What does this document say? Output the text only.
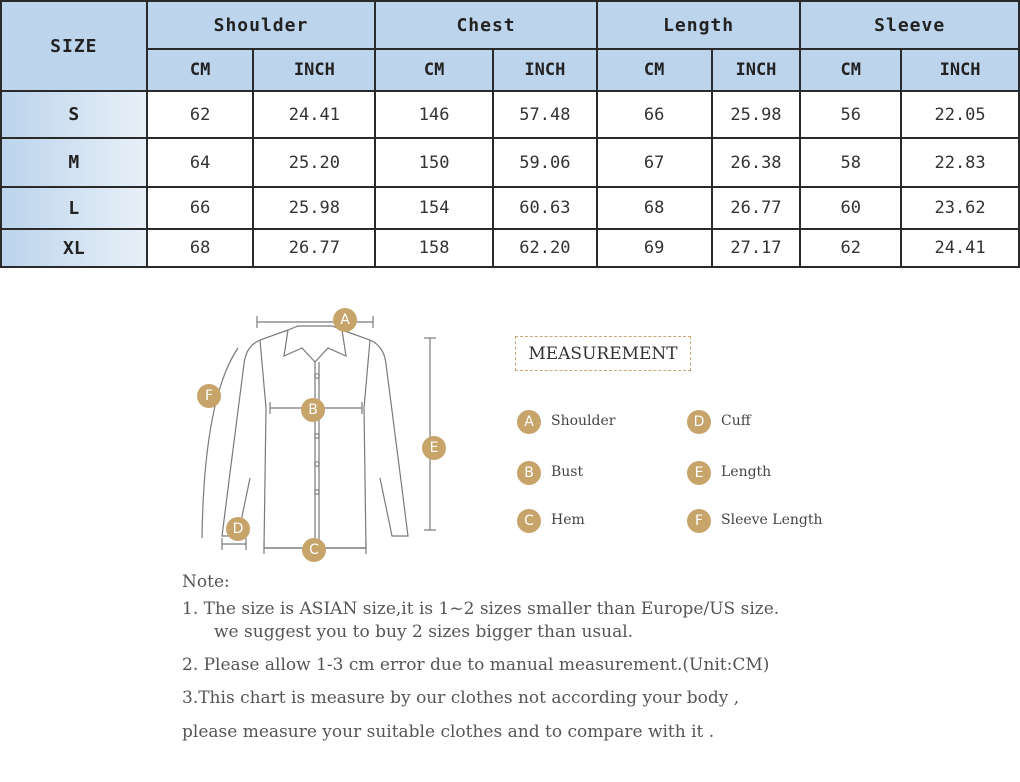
SIZE	Shoulder		Chest		Length		Sleeve	
	CM	INCH	CM	INCH	CM	INCH	CM	INCH
S	62	24.41	146	57.48	66	25.98	56	22.05
M	64	25.20	150	59.06	67	26.38	58	22.83
L	66	25.98	154	60.63	68	26.77	60	23.62
XL	68	26.77	158	62.20	69	27.17	62	24.41
A
B
C
D
E
F
MEASUREMENT
A	Shoulder
B	Bust
C	Hem
D	Cuff
E	Length
F	Sleeve Length
Note:
1. The size is ASIAN size,it is 1~2 sizes smaller than Europe/US size.
we suggest you to buy 2 sizes bigger than usual.
2. Please allow 1-3 cm error due to manual measurement.(Unit:CM)
3.This chart is measure by our clothes not according your body ,
please measure your suitable clothes and to compare with it .
